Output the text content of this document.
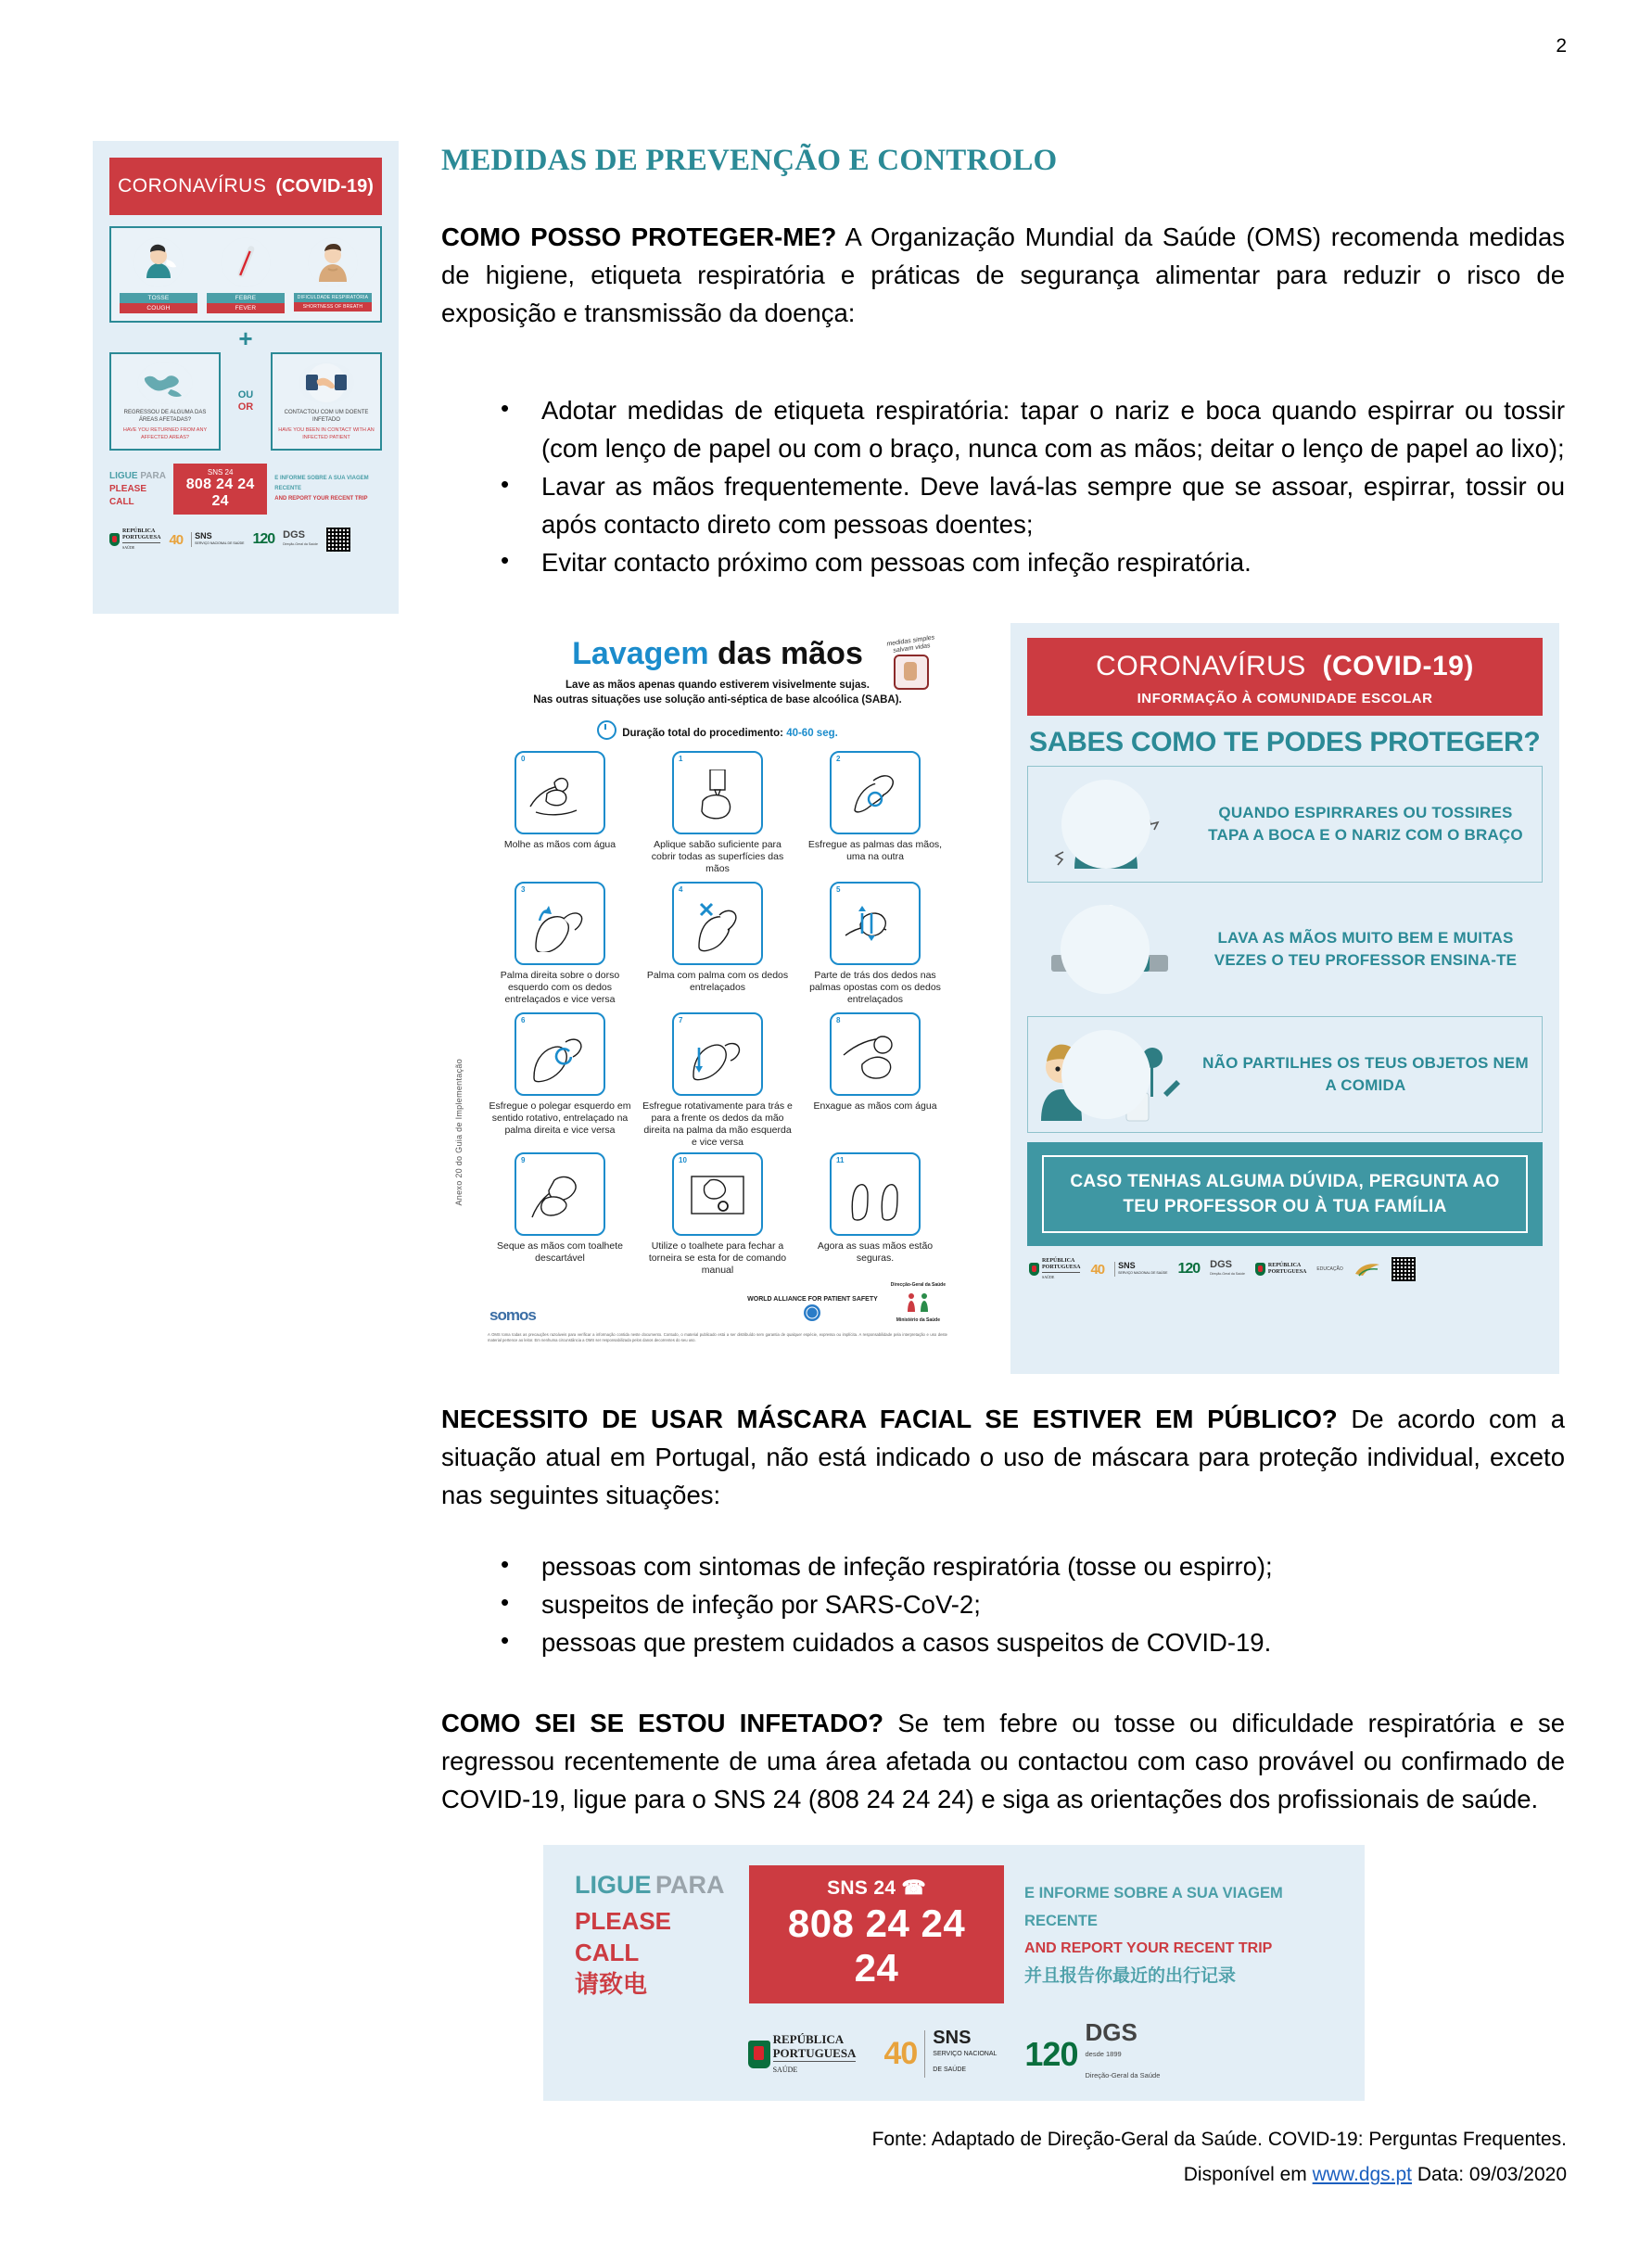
2
MEDIDAS DE PREVENÇÃO E CONTROLO
CORONAVÍRUS (COVID-19)
TOSSE
COUGH
FEBRE
FEVER
DIFICULDADE RESPIRATÓRIA
SHORTNESS OF BREATH
+
REGRESSOU DE ALGUMA DAS ÁREAS AFETADAS?
HAVE YOU RETURNED FROM ANY AFFECTED AREAS?
OU
OR	CONTACTOU COM UM DOENTE INFETADO
HAVE YOU BEEN IN CONTACT WITH AN INFECTED PATIENT
LIGUE PARA
PLEASE CALL
SNS 24
808 24 24 24
E INFORME SOBRE A SUA VIAGEM RECENTE
AND REPORT YOUR RECENT TRIP
REPÚBLICA
PORTUGUESA
SAÚDE	40 SNS
SERVIÇO NACIONAL DE SAÚDE 120 DGS
Direção-Geral da Saúde
COMO POSSO PROTEGER-ME? A Organização Mundial da Saúde (OMS) recomenda medidas de higiene, etiqueta respiratória e práticas de segurança alimentar para reduzir o risco de exposição e transmissão da doença:
• Adotar medidas de etiqueta respiratória: tapar o nariz e boca quando espirrar ou tossir (com lenço de papel ou com o braço, nunca com as mãos; deitar o lenço de papel ao lixo);
• Lavar as mãos frequentemente. Deve lavá-las sempre que se assoar, espirrar, tossir ou após contacto direto com pessoas doentes;
• Evitar contacto próximo com pessoas com infeção respiratória.
Lavagem das mãos	medidas simples salvam vidas
Lave as mãos apenas quando estiverem visivelmente sujas.
Nas outras situações use solução anti-séptica de base alcoólica (SABA).
Duração total do procedimento: 40-60 seg.
0
Molhe as mãos com água
1
Aplique sabão suficiente para cobrir todas as superfícies das mãos
2
Esfregue as palmas das mãos, uma na outra
3
Palma direita sobre o dorso esquerdo com os dedos entrelaçados e vice versa
4
Palma com palma com os dedos entrelaçados
5
Parte de trás dos dedos nas palmas opostas com os dedos entrelaçados
6
Esfregue o polegar esquerdo em sentido rotativo, entrelaçado na palma direita e vice versa
7
Esfregue rotativamente para trás e para a frente os dedos da mão direita na palma da mão esquerda e vice versa
8
Enxague as mãos com água
9
Seque as mãos com toalhete descartável
10
Utilize o toalhete para fechar a torneira se esta for de comando manual
11
Agora as suas mãos estão seguras.
Anexo 20 do Guia de Implementação
somos
WORLD ALLIANCE FOR PATIENT SAFETY
Direcção-Geral da Saúde
Ministério da Saúde
A OMS toma todas as precauções razoáveis para verificar a informação contida neste documento. Contudo, o material publicado está a ser distribuído sem garantia de qualquer espécie, expressa ou implícita. A responsabilidade pela interpretação e uso deste material pertence ao leitor. Em nenhuma circunstância a OMS ser responsabilizada pelos danos decorrentes do seu uso.
CORONAVÍRUS (COVID-19)
INFORMAÇÃO À COMUNIDADE ESCOLAR
SABES COMO TE PODES PROTEGER?
QUANDO ESPIRRARES OU TOSSIRES TAPA A BOCA E O NARIZ COM O BRAÇO
LAVA AS MÃOS MUITO BEM E MUITAS VEZES O TEU PROFESSOR ENSINA-TE
NÃO PARTILHES OS TEUS OBJETOS NEM A COMIDA
CASO TENHAS ALGUMA DÚVIDA, PERGUNTA AO TEU PROFESSOR OU À TUA FAMÍLIA
REPÚBLICA
PORTUGUESA
SAÚDE	40 SNS
SERVIÇO NACIONAL DE SAÚDE 120 DGS
Direção-Geral da Saúde
REPÚBLICA
PORTUGUESA EDUCAÇÃO
NECESSITO DE USAR MÁSCARA FACIAL SE ESTIVER EM PÚBLICO? De acordo com a situação atual em Portugal, não está indicado o uso de máscara para proteção individual, exceto nas seguintes situações:
• pessoas com sintomas de infeção respiratória (tosse ou espirro);
• suspeitos de infeção por SARS-CoV-2;
• pessoas que prestem cuidados a casos suspeitos de COVID-19.
COMO SEI SE ESTOU INFETADO? Se tem febre ou tosse ou dificuldade respiratória e se regressou recentemente de uma área afetada ou contactou com caso provável ou confirmado de COVID-19, ligue para o SNS 24 (808 24 24 24) e siga as orientações dos profissionais de saúde.
LIGUE PARA
PLEASE CALL
请致电
SNS 24 ☎
808 24 24 24
E INFORME SOBRE A SUA VIAGEM RECENTE
AND REPORT YOUR RECENT TRIP
并且报告你最近的出行记录
REPÚBLICA
PORTUGUESA
SAÚDE	40 SNS
SERVIÇO NACIONAL
DE SAÚDE	120
DGS
desde 1899
Direção-Geral da Saúde
Fonte: Adaptado de Direção-Geral da Saúde. COVID-19: Perguntas Frequentes.
Disponível em www.dgs.pt Data: 09/03/2020
